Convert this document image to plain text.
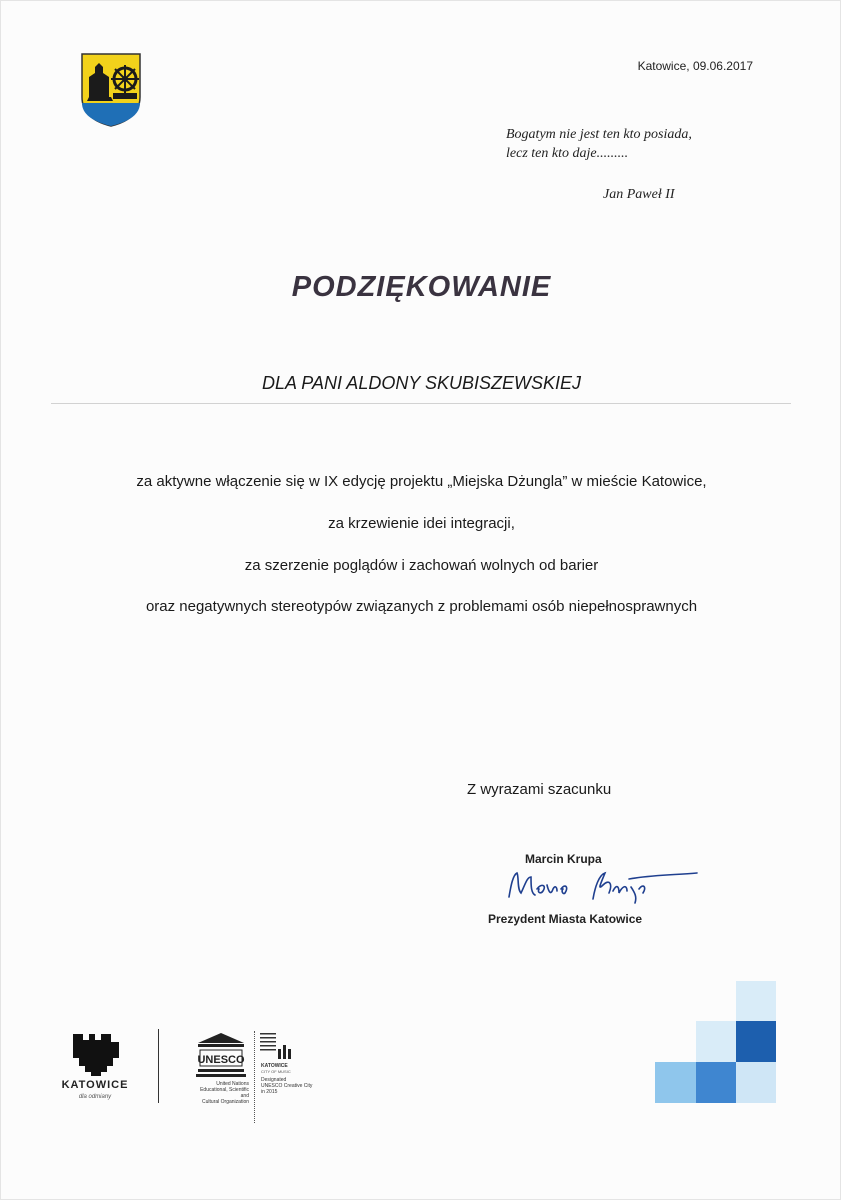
Katowice, 09.06.2017
Bogatym nie jest ten kto posiada,
lecz ten kto daje.........
Jan Paweł II
PODZIĘKOWANIE
DLA PANI ALDONY SKUBISZEWSKIEJ
za aktywne włączenie się w IX edycję projektu „Miejska Dżungla” w mieście Katowice,
za krzewienie idei integracji,
za szerzenie poglądów i zachowań wolnych od barier
oraz negatywnych stereotypów związanych z problemami osób niepełnosprawnych
Z wyrazami szacunku
Marcin Krupa
Prezydent Miasta Katowice
KATOWICE
dla odmiany
UNESCO
United Nations
Educational, Scientific and
Cultural Organization
KATOWICE
CITY OF MUSIC
Designated
UNESCO Creative City
in 2015
